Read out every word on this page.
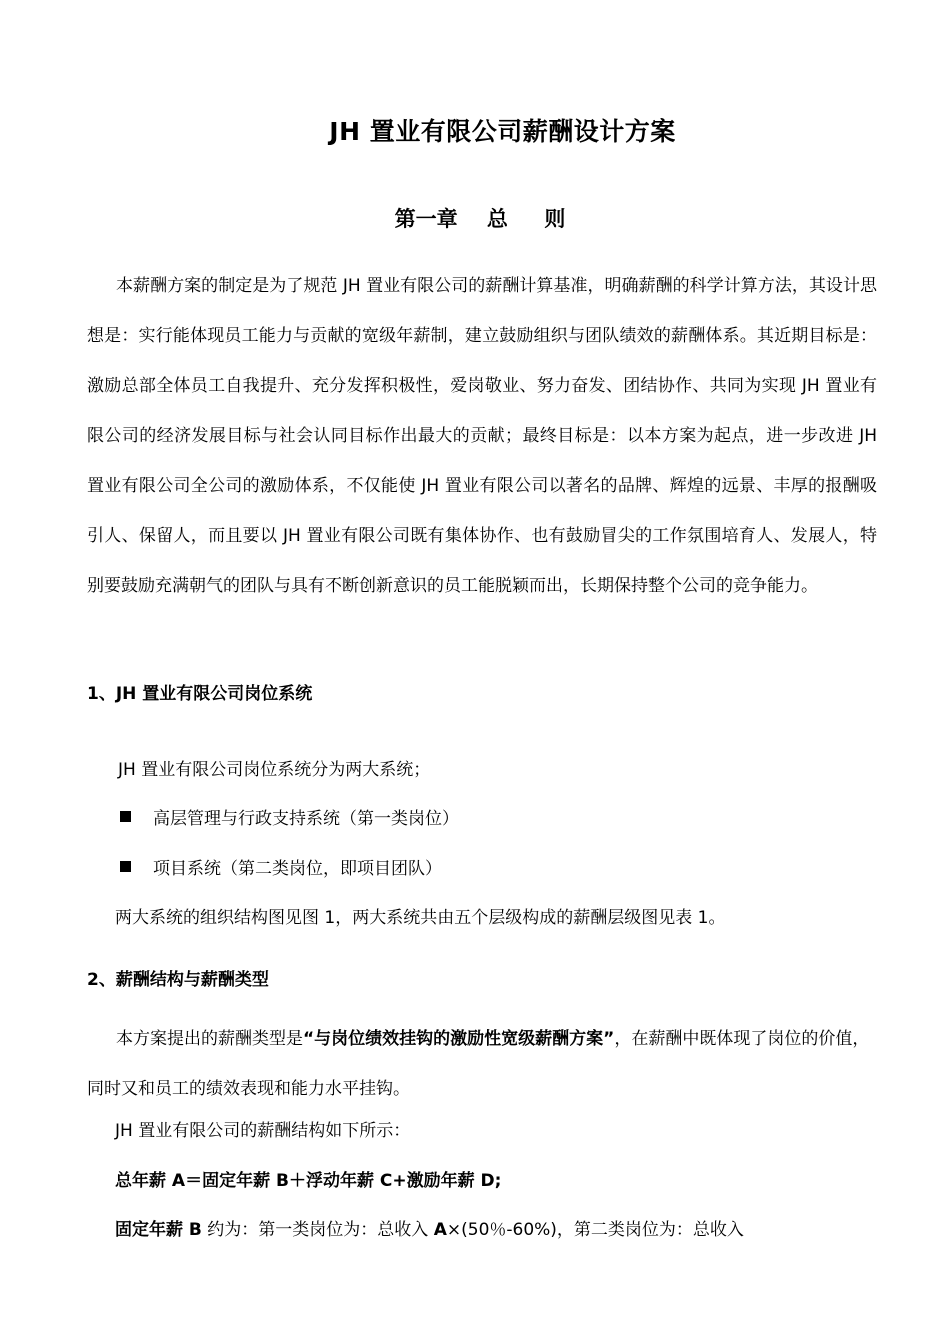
JH 置业有限公司薪酬设计方案
第一章    总     则

本薪酬方案的制定是为了规范 JH 置业有限公司的薪酬计算基准，明确薪酬的科学计算方法，其设计思想是：实行能体现员工能力与贡献的宽级年薪制，建立鼓励组织与团队绩效的薪酬体系。其近期目标是：激励总部全体员工自我提升、充分发挥积极性，爱岗敬业、努力奋发、团结协作、共同为实现 JH 置业有限公司的经济发展目标与社会认同目标作出最大的贡献；最终目标是：以本方案为起点，进一步改进 JH 置业有限公司全公司的激励体系，不仅能使 JH 置业有限公司以著名的品牌、辉煌的远景、丰厚的报酬吸引人、保留人，而且要以 JH 置业有限公司既有集体协作、也有鼓励冒尖的工作氛围培育人、发展人，特别要鼓励充满朝气的团队与具有不断创新意识的员工能脱颖而出，长期保持整个公司的竞争能力。

1、JH 置业有限公司岗位系统

JH 置业有限公司岗位系统分为两大系统；

高层管理与行政支持系统（第一类岗位）
项目系统（第二类岗位，即项目团队）

两大系统的组织结构图见图 1，两大系统共由五个层级构成的薪酬层级图见表 1。

2、薪酬结构与薪酬类型

本方案提出的薪酬类型是“与岗位绩效挂钩的激励性宽级薪酬方案”，在薪酬中既体现了岗位的价值，同时又和员工的绩效表现和能力水平挂钩。

JH 置业有限公司的薪酬结构如下所示：

总年薪 A＝固定年薪 B＋浮动年薪 C+激励年薪 D;

固定年薪 B 约为：第一类岗位为：总收入 A×(50％-60%)，第二类岗位为：总收入
